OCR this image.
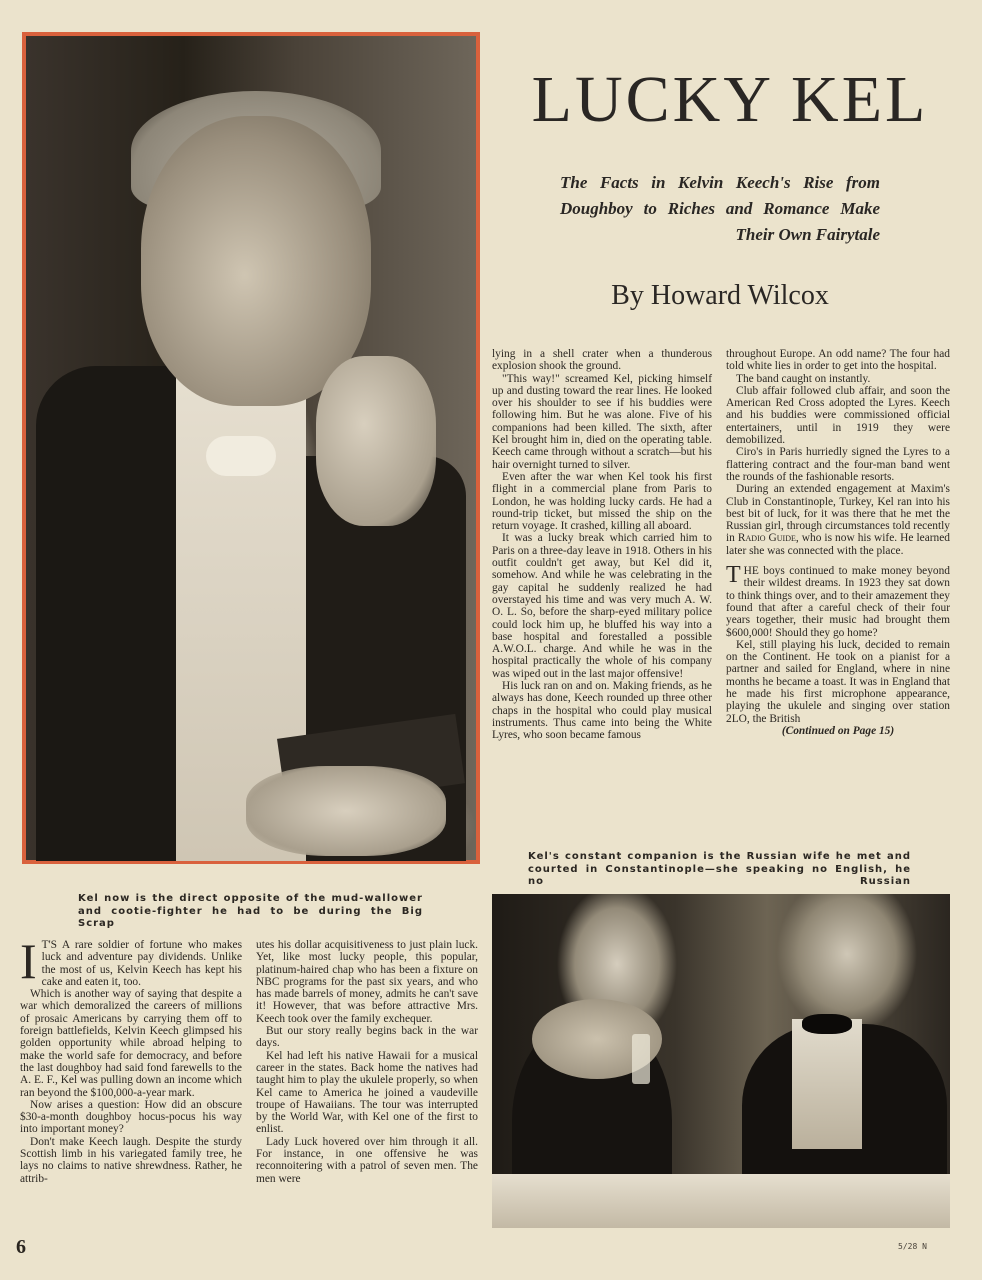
LUCKY KEL

The Facts in Kelvin Keech's Rise from Doughboy to Riches and Romance Make Their Own Fairytale

By Howard Wilcox

lying in a shell crater when a thunderous explosion shook the ground.

"This way!" screamed Kel, picking himself up and dusting toward the rear lines. He looked over his shoulder to see if his buddies were following him. But he was alone. Five of his companions had been killed. The sixth, after Kel brought him in, died on the operating table. Keech came through without a scratch—but his hair overnight turned to silver.

Even after the war when Kel took his first flight in a commercial plane from Paris to London, he was holding lucky cards. He had a round-trip ticket, but missed the ship on the return voyage. It crashed, killing all aboard.

It was a lucky break which carried him to Paris on a three-day leave in 1918. Others in his outfit couldn't get away, but Kel did it, somehow. And while he was celebrating in the gay capital he suddenly realized he had overstayed his time and was very much A. W. O. L. So, before the sharp-eyed military police could lock him up, he bluffed his way into a base hospital and forestalled a possible A.W.O.L. charge. And while he was in the hospital practically the whole of his company was wiped out in the last major offensive!

His luck ran on and on. Making friends, as he always has done, Keech rounded up three other chaps in the hospital who could play musical instruments. Thus came into being the White Lyres, who soon became famous

throughout Europe. An odd name? The four had told white lies in order to get into the hospital.

The band caught on instantly.

Club affair followed club affair, and soon the American Red Cross adopted the Lyres. Keech and his buddies were commissioned official entertainers, until in 1919 they were demobilized.

Ciro's in Paris hurriedly signed the Lyres to a flattering contract and the four-man band went the rounds of the fashionable resorts.

During an extended engagement at Maxim's Club in Constantinople, Turkey, Kel ran into his best bit of luck, for it was there that he met the Russian girl, through circumstances told recently in Radio Guide, who is now his wife. He learned later she was connected with the place.

THE boys continued to make money beyond their wildest dreams. In 1923 they sat down to think things over, and to their amazement they found that after a careful check of their four years together, their music had brought them $600,000! Should they go home?

Kel, still playing his luck, decided to remain on the Continent. He took on a pianist for a partner and sailed for England, where in nine months he became a toast. It was in England that he made his first microphone appearance, playing the ukulele and singing over station 2LO, the British

(Continued on Page 15)

Kel's constant companion is the Russian wife he met and courted in Constantinople—she speaking no English, he no Russian
Kel now is the direct opposite of the mud-wallower and cootie-fighter he had to be during the Big Scrap

I T'S A rare soldier of fortune who makes luck and adventure pay dividends. Unlike the most of us, Kelvin Keech has kept his cake and eaten it, too.

Which is another way of saying that despite a war which demoralized the careers of millions of prosaic Americans by carrying them off to foreign battlefields, Kelvin Keech glimpsed his golden opportunity while abroad helping to make the world safe for democracy, and before the last doughboy had said fond farewells to the A. E. F., Kel was pulling down an income which ran beyond the $100,000-a-year mark.

Now arises a question: How did an obscure $30-a-month doughboy hocus-pocus his way into important money?

Don't make Keech laugh. Despite the sturdy Scottish limb in his variegated family tree, he lays no claims to native shrewdness. Rather, he attrib-

utes his dollar acquisitiveness to just plain luck. Yet, like most lucky people, this popular, platinum-haired chap who has been a fixture on NBC programs for the past six years, and who has made barrels of money, admits he can't save it! However, that was before attractive Mrs. Keech took over the family exchequer.

But our story really begins back in the war days.

Kel had left his native Hawaii for a musical career in the states. Back home the natives had taught him to play the ukulele properly, so when Kel came to America he joined a vaudeville troupe of Hawaiians. The tour was interrupted by the World War, with Kel one of the first to enlist.

Lady Luck hovered over him through it all. For instance, in one offensive he was reconnoitering with a patrol of seven men. The men were

6	5/28 N
